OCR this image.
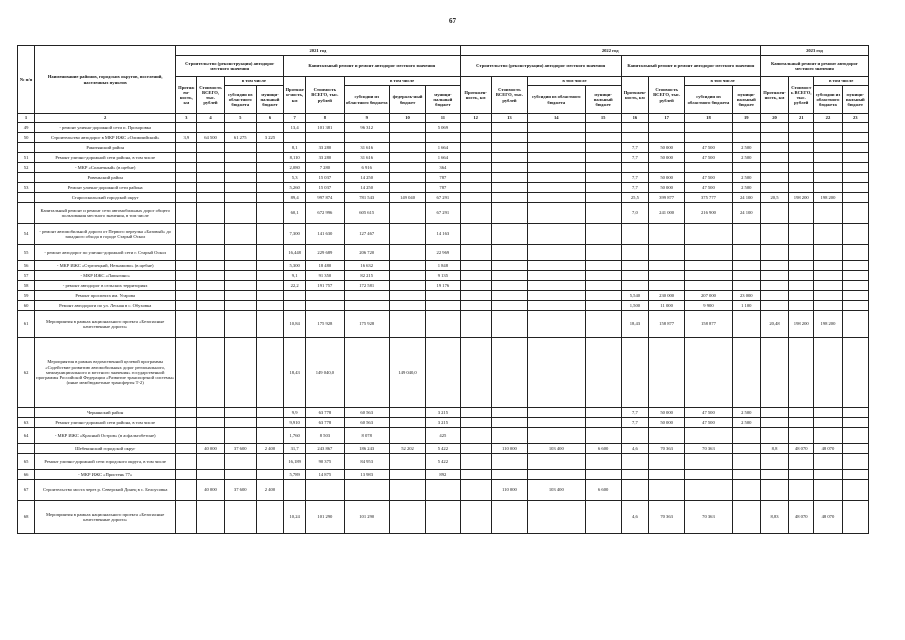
67
№ п/п	Наименование районов, городских округов, поселений, населенных пунктов	2021 год									2022 год								2023 год			
		Строительство (реконструкция) автодорог местного значения				Капитальный ремонт и ремонт автодорог местного значения					Строительство (реконструкция) автодорог местного значения				Капитальный ремонт и ремонт автодорог местного значения				Капитальный ремонт и ремонт автодорог местного значения			
		Протяжен-ность, км	Стоимость ВСЕГО, тыс. рублей	в том числе		Протяжен-ность, км	Стоимость ВСЕГО, тыс. рублей	в том числе			Протяжен-ность, км	Стоимость ВСЕГО, тыс. рублей	в том числе		Протяжен-ность, км	Стоимость ВСЕГО, тыс. рублей	в том числе		Протяжен-ность, км	Стоимость ВСЕГО, тыс. рублей	в том числе	
				субсидии из областного бюджета	муници-пальный бюджет			субсидии из областного бюджета	федераль-ный бюджет	муници-пальный бюджет			субсидии из областного бюджета	муници-пальный бюджет			субсидии из областного бюджета	муници-пальный бюджет			субсидии из областного бюджета	муници-пальный бюджет
1	2	3	4	5	6	7	8	9	10	11	12	13	14	15	16	17	18	19	20	21	22	23
49	- ремонт улично-дорожной сети п. Прохоровка					13,4	101 381	96 312		5 069												
50	Строительство автодорог в МКР ИЖС «Олимпийский»	3,9	64 500	61 275	3 225																	
	Ракитянский район					8,1	33 280	31 616		1 664					7,7	50 000	47 500	2 500				
51	Ремонт улично-дорожной сети района, в том числе					8,110	33 280	31 616		1 664					7,7	50 000	47 500	2 500				
52	- МКР «Солнечный» (в щебне)					2,080	7 280	6 916		364												
	Ровеньский район					5,3	15 037	14 250		787					7,7	50 000	47 500	2 500				
53	Ремонт улично-дорожной сети района					5,260	15 037	14 250		787					7,7	50 000	47 500	2 500				
	Старооскольский городской округ					89,4	997 874	781 543	149 040	67 291					25,5	399 877	375 777	24 100	20,5	198 200	198 200	
	Капитальный ремонт и ремонт сети автомобильных дорог общего пользования местного значения, в том числе					60,1	672 996	605 615		67 291					7,0	241 000	216 900	24 100				
54	- ремонт автомобильной дороги от Первого переулка «Базовый» до западного обхода в городе Старый Оскол					7,300	141 630	127 467		14 163												
55	- ремонт автодорог по улично-дорожной сети г. Старый Оскол					16,448	229 689	206 720		22 969												
56	- МКР ИЖС «Стрелецкий, Незнамово» (в щебне)					5,300	18 480	16 632		1 848												
57	- МКР ИЖС «Лапыгино»					9,1	91 350	82 215		9 135												
58	- ремонт автодорог в сельских территориях					22,2	191 757	172 581		19 176												
59	Ремонт проспекта им. Угарова														5,540	230 000	207 000	23 000				
60	Ремонт автодороги по ул. Лесная в с. Обуховка														1,500	11 000	9 900	1 100				
61	Мероприятия в рамках национального проекта «Безопасные качественные дороги»					10,84	175 928	175 928							18,43	158 877	158 877		20,48	198 200	198 200	
62	Мероприятия в рамках ведомственной целевой программы «Содействие развитию автомобильных дорог регионального, межмуниципального и местного значения» государственной программы Российской Федерации «Развитие транспортной системы» (иные межбюджетные трансферты Т-2)					18,43	149 040,0		149 040,0													
	Чернянский район					9,9	63 778	60 563		3 215					7,7	50 000	47 500	2 500				
63	Ремонт улично-дорожной сети района, в том числе					9,910	63 778	60 563		3 215					7,7	50 000	47 500	2 500				
64	- МКР ИЖС «Красный Остров» (в асфальтобетоне)					1,760	8 503	8 078		425												
	Шебекинский городской округ		40 000	37 600	2 400	31,7	243 867	186 243	52 202	5 422		110 000	103 400	6 600	4,6	70 363	70 363		8,8	48 070	48 070	
65	Ремонт улично-дорожной сети городского округа, в том числе					16,189	90 375	84 953		5 422												
66	- МКР ИЖС «Пристень 77»					5,789	14 875	13 983		892												
67	Строительство моста через р. Северский Донец в с. Белоусовка		40 000	37 600	2 400							110 000	103 400	6 600								
68	Мероприятия в рамках национального проекта «Безопасные качественные дороги»					10,24	101 290	101 290							4,6	70 363	70 363		8,83	48 070	48 070	
